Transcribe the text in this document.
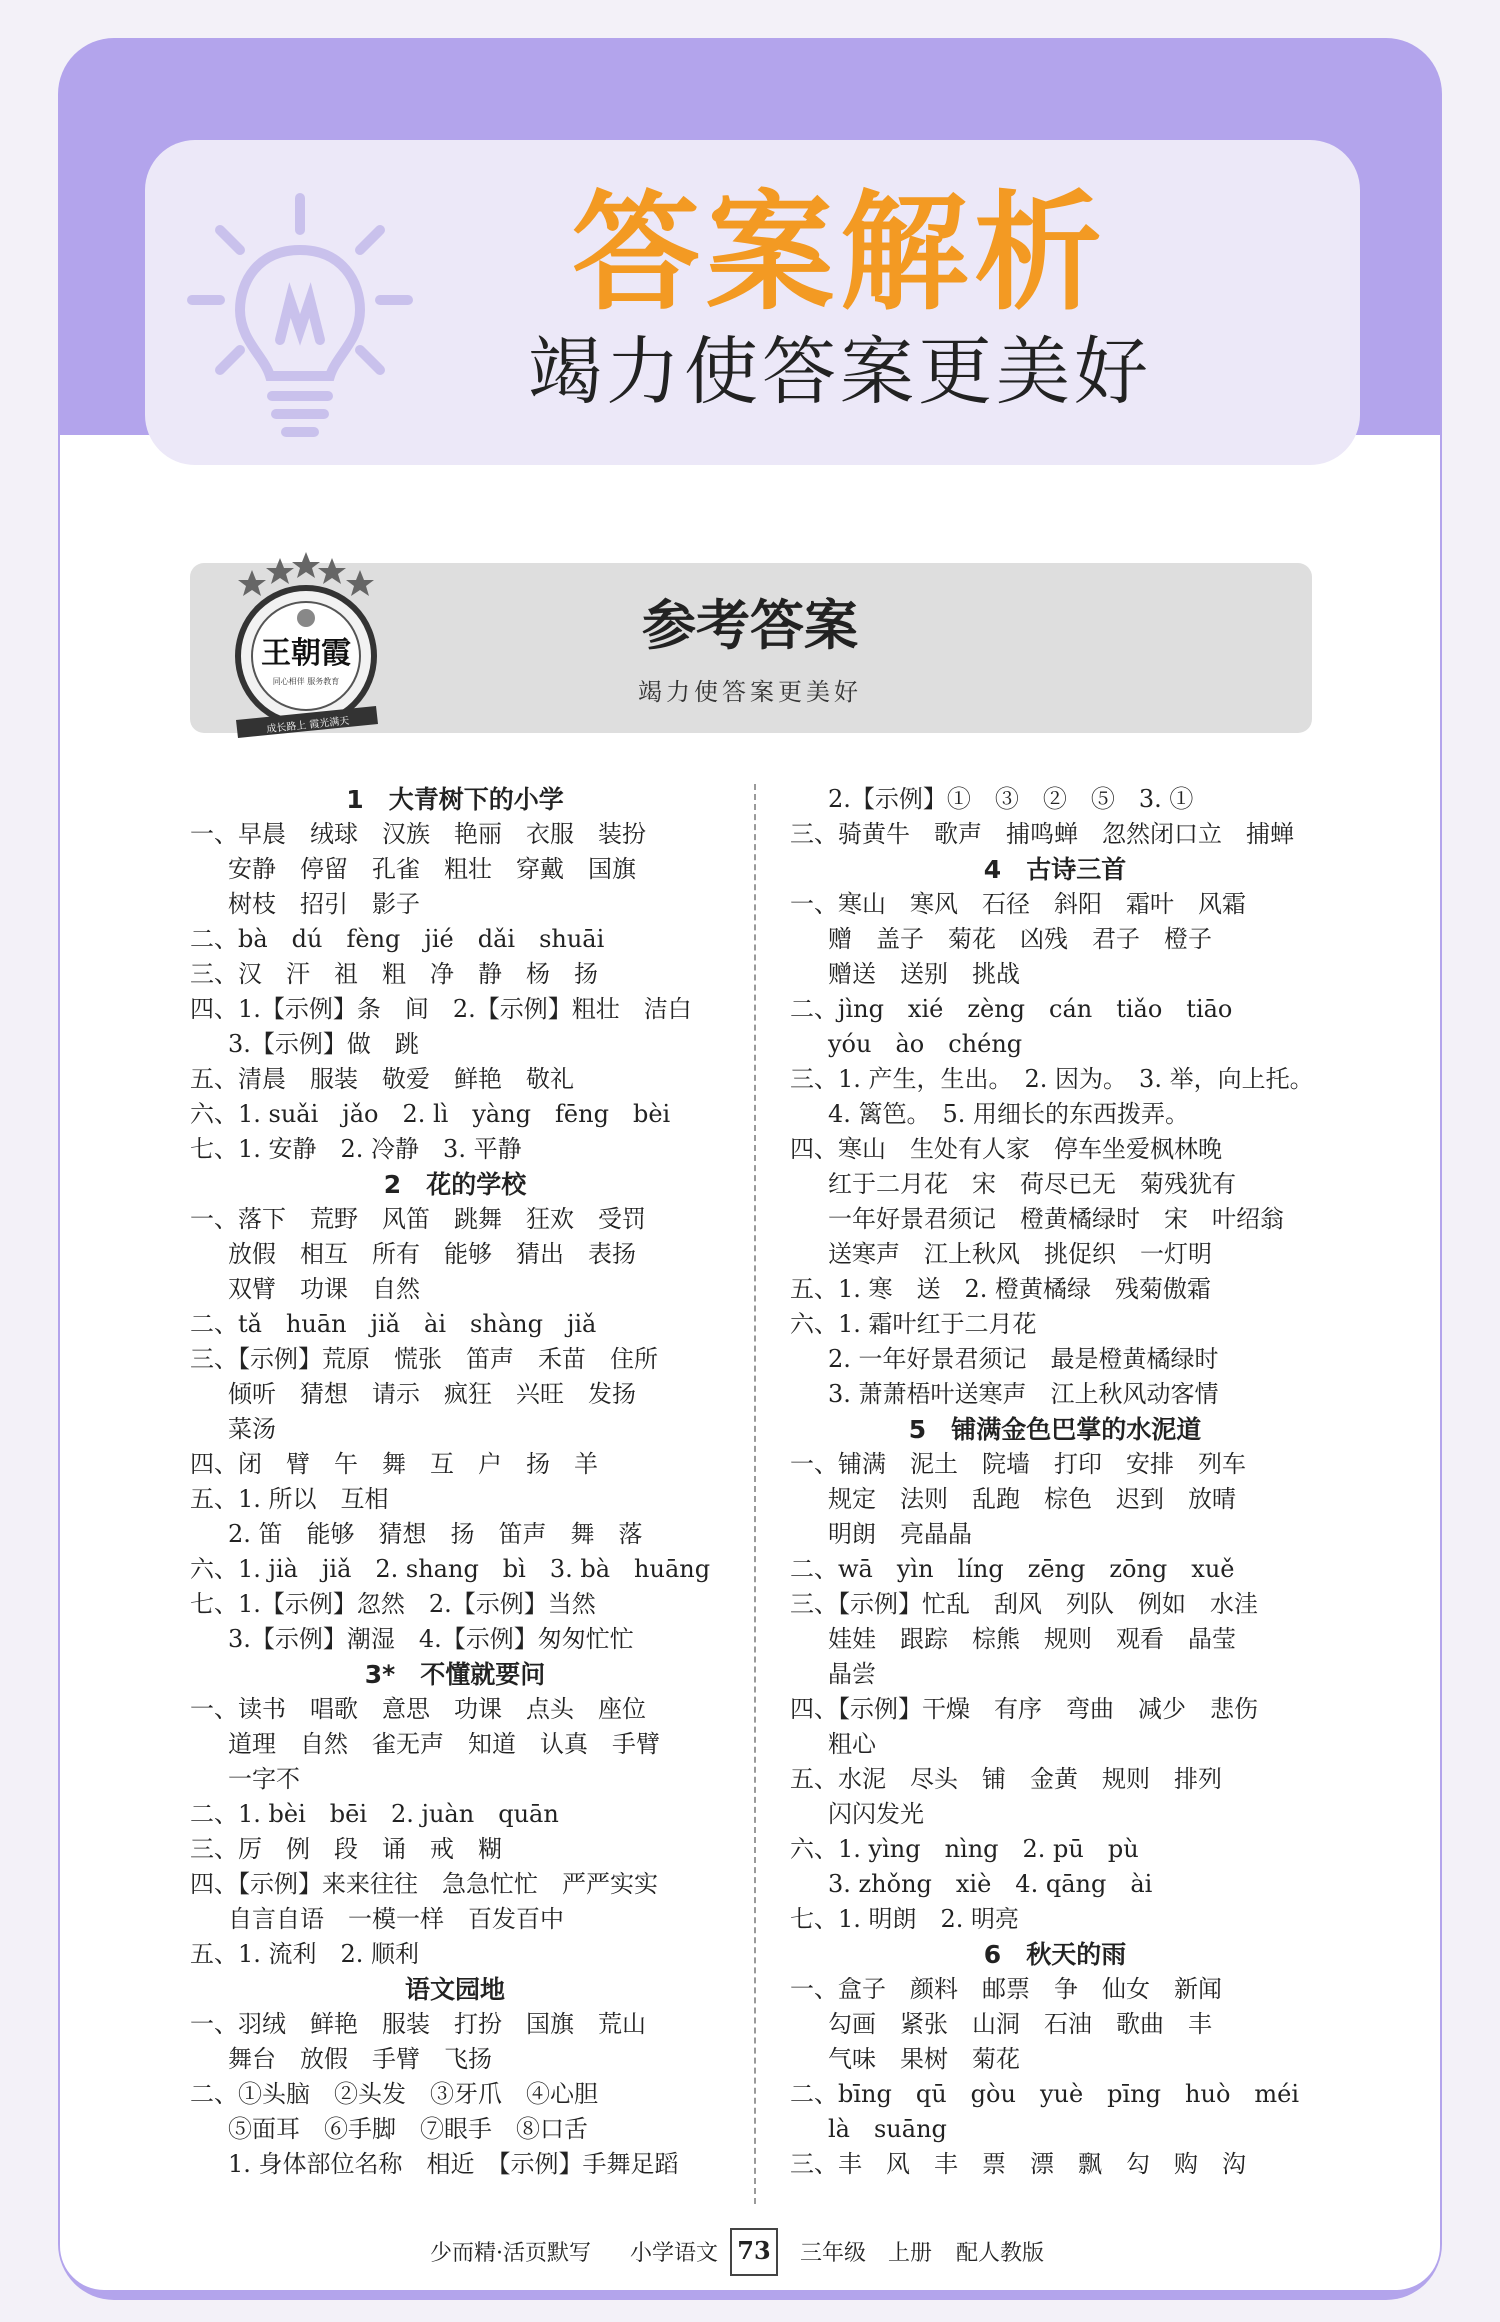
答案解析
竭力使答案更美好
王朝霞
同心相伴 服务教育
成长路上 霞光满天
参考答案
竭力使答案更美好
1　大青树下的小学
一、早晨　绒球　汉族　艳丽　衣服　装扮
安静　停留　孔雀　粗壮　穿戴　国旗
树枝　招引　影子
二、bà　dú　fèng　jié　dǎi　shuāi
三、汉　汗　祖　粗　净　静　杨　扬
四、1.【示例】条　间　2.【示例】粗壮　洁白
3.【示例】做　跳
五、清晨　服装　敬爱　鲜艳　敬礼
六、1. suǎi　jǎo　2. lì　yàng　fēng　bèi
七、1. 安静　2. 冷静　3. 平静
2　花的学校
一、落下　荒野　风笛　跳舞　狂欢　受罚
放假　相互　所有　能够　猜出　表扬
双臂　功课　自然
二、tǎ　huān　jiǎ　ài　shàng　jiǎ
三、【示例】荒原　慌张　笛声　禾苗　住所
倾听　猜想　请示　疯狂　兴旺　发扬
菜汤
四、闭　臂　午　舞　互　户　扬　羊
五、1. 所以　互相
2. 笛　能够　猜想　扬　笛声　舞　落
六、1. jià　jiǎ　2. shang　bì　3. bà　huāng
七、1.【示例】忽然　2.【示例】当然
3.【示例】潮湿　4.【示例】匆匆忙忙
3*　不懂就要问
一、读书　唱歌　意思　功课　点头　座位
道理　自然　雀无声　知道　认真　手臂
一字不
二、1. bèi　bēi　2. juàn　quān
三、厉　例　段　诵　戒　糊
四、【示例】来来往往　急急忙忙　严严实实
自言自语　一模一样　百发百中
五、1. 流利　2. 顺利
语文园地
一、羽绒　鲜艳　服装　打扮　国旗　荒山
舞台　放假　手臂　飞扬
二、①头脑　②头发　③牙爪　④心胆
⑤面耳　⑥手脚　⑦眼手　⑧口舌
1. 身体部位名称　相近　【示例】手舞足蹈
2.【示例】①　③　②　⑤　3. ①
三、骑黄牛　歌声　捕鸣蝉　忽然闭口立　捕蝉
4　古诗三首
一、寒山　寒风　石径　斜阳　霜叶　风霜
赠　盖子　菊花　凶残　君子　橙子
赠送　送别　挑战
二、jìng　xié　zèng　cán　tiǎo　tiāo
yóu　ào　chéng
三、1. 产生，生出。　2. 因为。　3. 举，向上托。
4. 篱笆。　5. 用细长的东西拨弄。
四、寒山　生处有人家　停车坐爱枫林晚
红于二月花　宋　荷尽已无　菊残犹有
一年好景君须记　橙黄橘绿时　宋　叶绍翁
送寒声　江上秋风　挑促织　一灯明
五、1. 寒　送　2. 橙黄橘绿　残菊傲霜
六、1. 霜叶红于二月花
2. 一年好景君须记　最是橙黄橘绿时
3. 萧萧梧叶送寒声　江上秋风动客情
5　铺满金色巴掌的水泥道
一、铺满　泥土　院墙　打印　安排　列车
规定　法则　乱跑　棕色　迟到　放晴
明朗　亮晶晶
二、wā　yìn　líng　zēng　zōng　xuě
三、【示例】忙乱　刮风　列队　例如　水洼
娃娃　跟踪　棕熊　规则　观看　晶莹
晶尝
四、【示例】干燥　有序　弯曲　减少　悲伤
粗心
五、水泥　尽头　铺　金黄　规则　排列
闪闪发光
六、1. yìng　nìng　2. pū　pù
3. zhǒng　xiè　4. qāng　ài
七、1. 明朗　2. 明亮
6　秋天的雨
一、盒子　颜料　邮票　争　仙女　新闻
勾画　紧张　山洞　石油　歌曲　丰
气味　果树　菊花
二、bīng　qū　gòu　yuè　pīng　huò　méi
là　suāng
三、丰　风　丰　票　漂　飘　勾　购　沟
少而精·活页默写 小学语文 73 三年级 上册 配人教版
